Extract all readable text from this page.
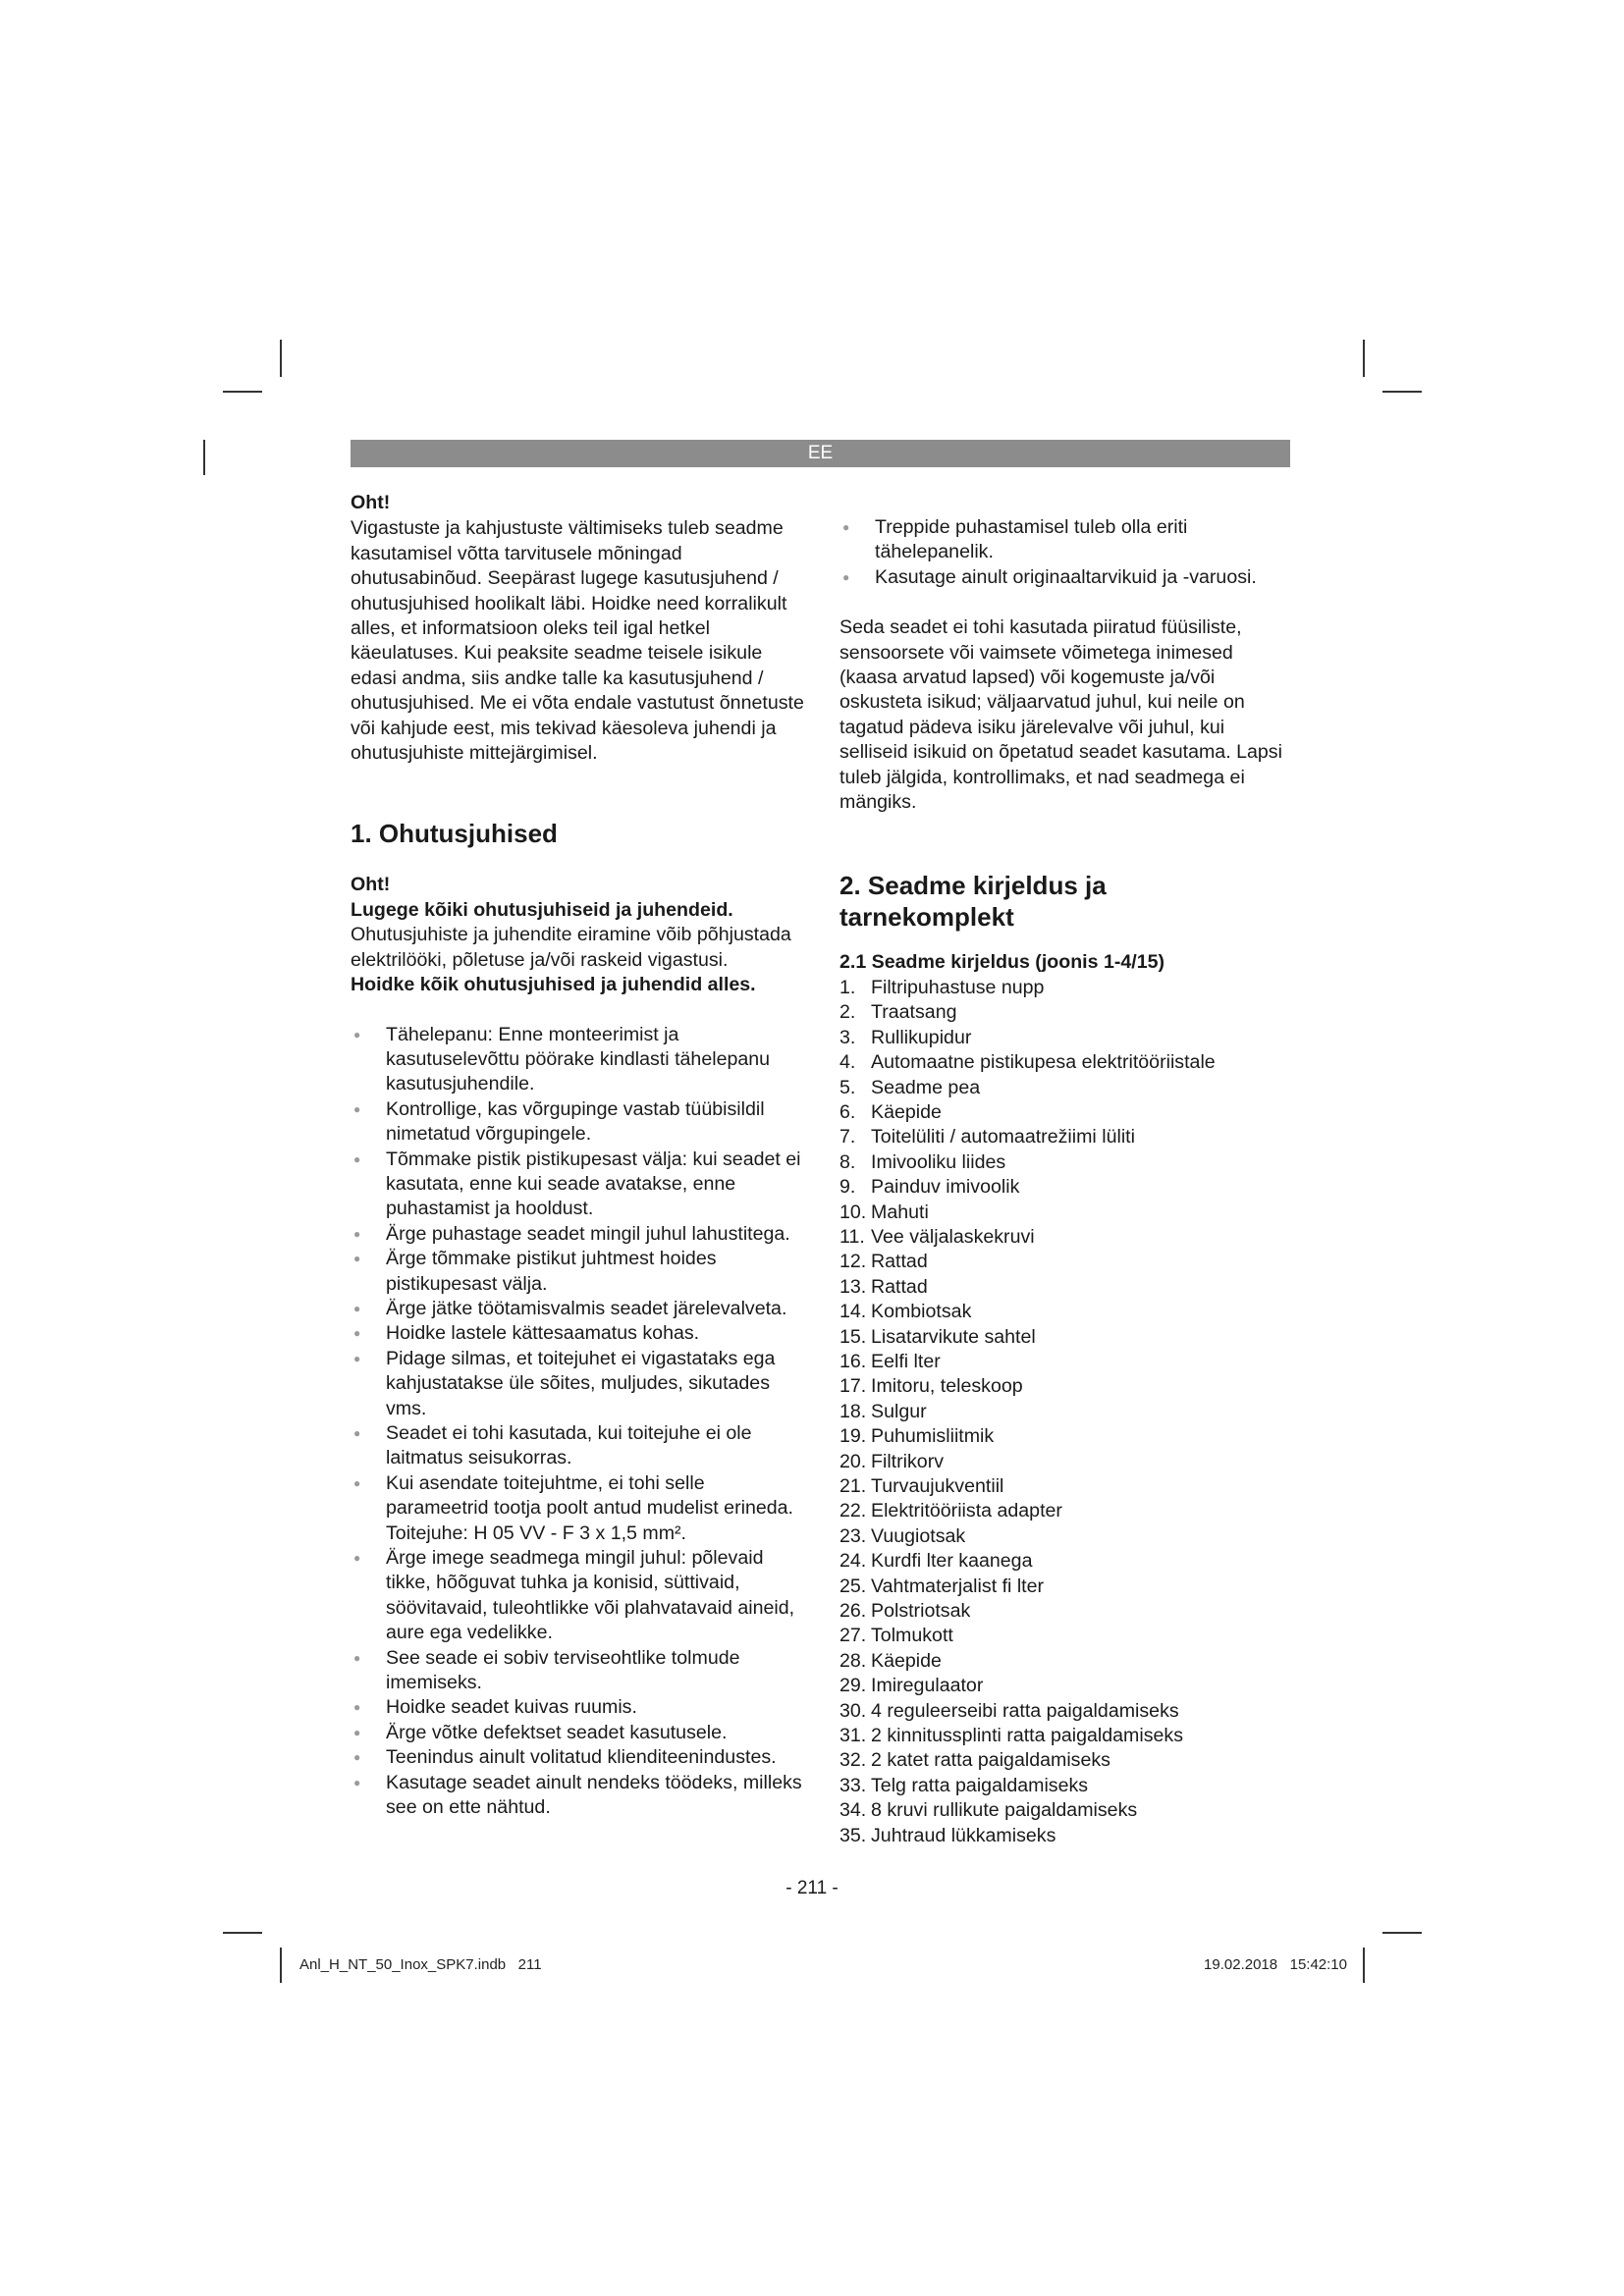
EE

Oht!

Vigastuste ja kahjustuste vältimiseks tuleb seadme kasutamisel võtta tarvitusele mõningad ohutusabinõud. Seepärast lugege kasutusjuhend / ohutusjuhised hoolikalt läbi. Hoidke need korralikult alles, et informatsioon oleks teil igal hetkel käeulatuses. Kui peaksite seadme teisele isikule edasi andma, siis andke talle ka kasutusjuhend / ohutusjuhised. Me ei võta endale vastutust õnnetuste või kahjude eest, mis tekivad käesoleva juhendi ja ohutusjuhiste mittejärgimisel.

1. Ohutusjuhised

Oht!

Lugege kõiki ohutusjuhiseid ja juhendeid.

Ohutusjuhiste ja juhendite eiramine võib põhjustada elektrilööki, põletuse ja/või raskeid vigastusi.

Hoidke kõik ohutusjuhised ja juhendid alles.

● Tähelepanu: Enne monteerimist ja kasutuselevõttu pöörake kindlasti tähelepanu kasutusjuhendile.
● Kontrollige, kas võrgupinge vastab tüübisildil nimetatud võrgupingele.
● Tõmmake pistik pistikupesast välja: kui seadet ei kasutata, enne kui seade avatakse, enne puhastamist ja hooldust.
● Ärge puhastage seadet mingil juhul lahustitega.
● Ärge tõmmake pistikut juhtmest hoides pistikupesast välja.
● Ärge jätke töötamisvalmis seadet järelevalveta.
● Hoidke lastele kättesaamatus kohas.
● Pidage silmas, et toitejuhet ei vigastataks ega kahjustatakse üle sõites, muljudes, sikutades vms.
● Seadet ei tohi kasutada, kui toitejuhe ei ole laitmatus seisukorras.
● Kui asendate toitejuhtme, ei tohi selle parameetrid tootja poolt antud mudelist erineda. Toitejuhe: H 05 VV - F 3 x 1,5 mm².
● Ärge imege seadmega mingil juhul: põlevaid tikke, hõõguvat tuhka ja konisid, süttivaid, söövitavaid, tuleohtlikke või plahvatavaid aineid, aure ega vedelikke.
● See seade ei sobiv terviseohtlike tolmude imemiseks.
● Hoidke seadet kuivas ruumis.
● Ärge võtke defektset seadet kasutusele.
● Teenindus ainult volitatud klienditeenindustes.
● Kasutage seadet ainult nendeks töödeks, milleks see on ette nähtud.
● Treppide puhastamisel tuleb olla eriti tähelepanelik.
● Kasutage ainult originaaltarvikuid ja -varuosi.

Seda seadet ei tohi kasutada piiratud füüsiliste, sensoorsete või vaimsete võimetega inimesed (kaasa arvatud lapsed) või kogemuste ja/või oskusteta isikud; väljaarvatud juhul, kui neile on tagatud pädeva isiku järelevalve või juhul, kui selliseid isikuid on õpetatud seadet kasutama. Lapsi tuleb jälgida, kontrollimaks, et nad seadmega ei mängiks.

2. Seadme kirjeldus ja tarnekomplekt

2.1 Seadme kirjeldus (joonis 1-4/15)

1. Filtripuhastuse nupp
2. Traatsang
3. Rullikupidur
4. Automaatne pistikupesa elektritööriistale
5. Seadme pea
6. Käepide
7. Toitelüliti / automaatrežiimi lüliti
8. Imivooliku liides
9. Painduv imivoolik
10. Mahuti
11. Vee väljalaskekruvi
12. Rattad
13. Rattad
14. Kombiotsak
15. Lisatarvikute sahtel
16. Eelfi lter
17. Imitoru, teleskoop
18. Sulgur
19. Puhumisliitmik
20. Filtrikorv
21. Turvaujukventiil
22. Elektritööriista adapter
23. Vuugiotsak
24. Kurdfi lter kaanega
25. Vahtmaterjalist fi lter
26. Polstriotsak
27. Tolmukott
28. Käepide
29. Imiregulaator
30. 4 reguleerseibi ratta paigaldamiseks
31. 2 kinnitussplinti ratta paigaldamiseks
32. 2 katet ratta paigaldamiseks
33. Telg ratta paigaldamiseks
34. 8 kruvi rullikute paigaldamiseks
35. Juhtraud lükkamiseks
- 211 -
Anl_H_NT_50_Inox_SPK7.indb   211	19.02.2018   15:42:10
